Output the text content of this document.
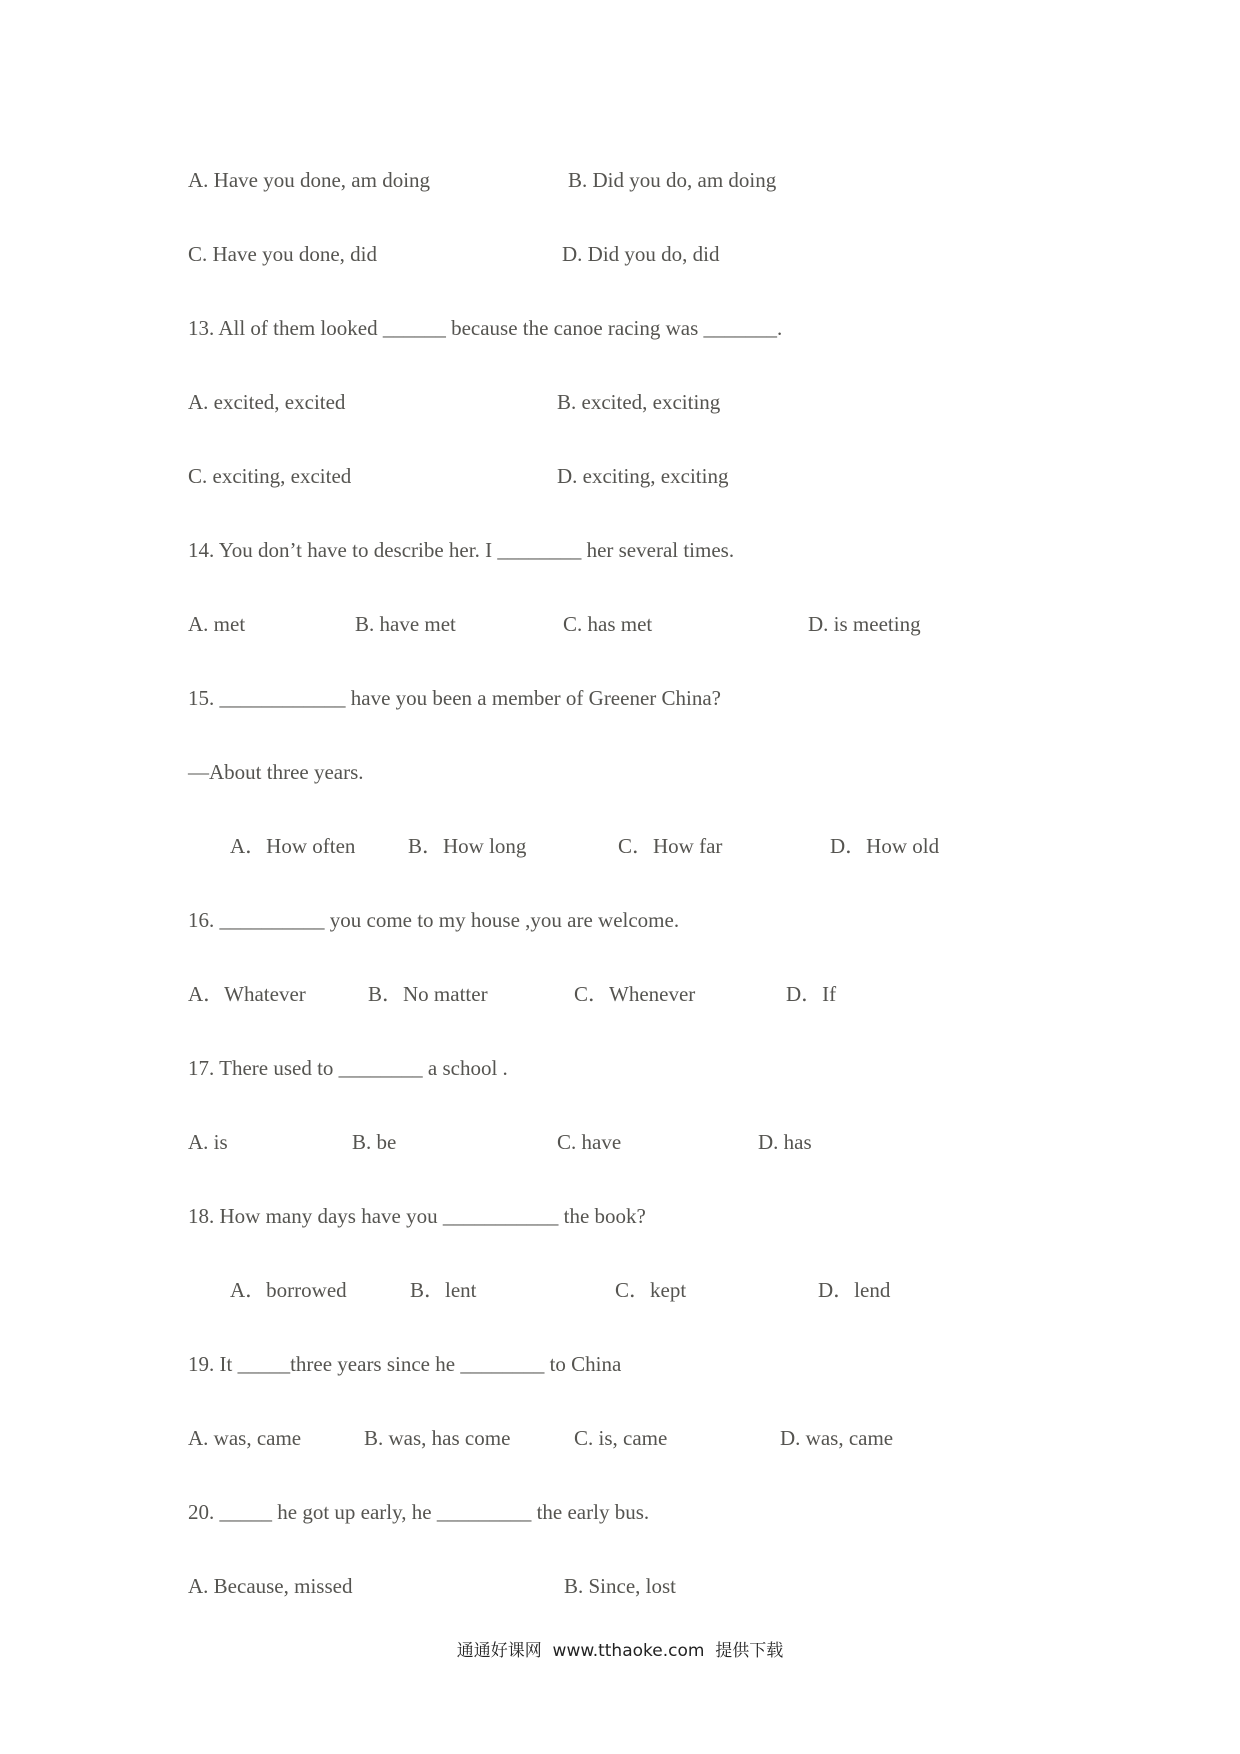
A. Have you done, am doing	B. Did you do, am doing
C. Have you done, did	D. Did you do, did
13. All of them looked ______ because the canoe racing was _______.
A. excited, excited	B. excited, exciting
C. exciting, excited	D. exciting, exciting
14. You don’t have to describe her. I ________ her several times.
A. met	B. have met	C. has met	D. is meeting
15. ____________ have you been a member of Greener China?
—About three years.
A．How often	B．How long	C．How far	D．How old
16. __________ you come to my house ,you are welcome.
A．Whatever	B．No matter	C．Whenever	D．If
17. There used to ________ a school .
A. is	B. be	C. have	D. has
18. How many days have you ___________ the book?
A．borrowed	B．lent	C．kept	D．lend
19. It _____three years since he ________ to China
A. was, came	B. was, has come	C. is, came	D. was, came
20. _____ he got up early, he _________ the early bus.
A. Because, missed	B. Since, lost
通通好课网  www.tthaoke.com  提供下载
